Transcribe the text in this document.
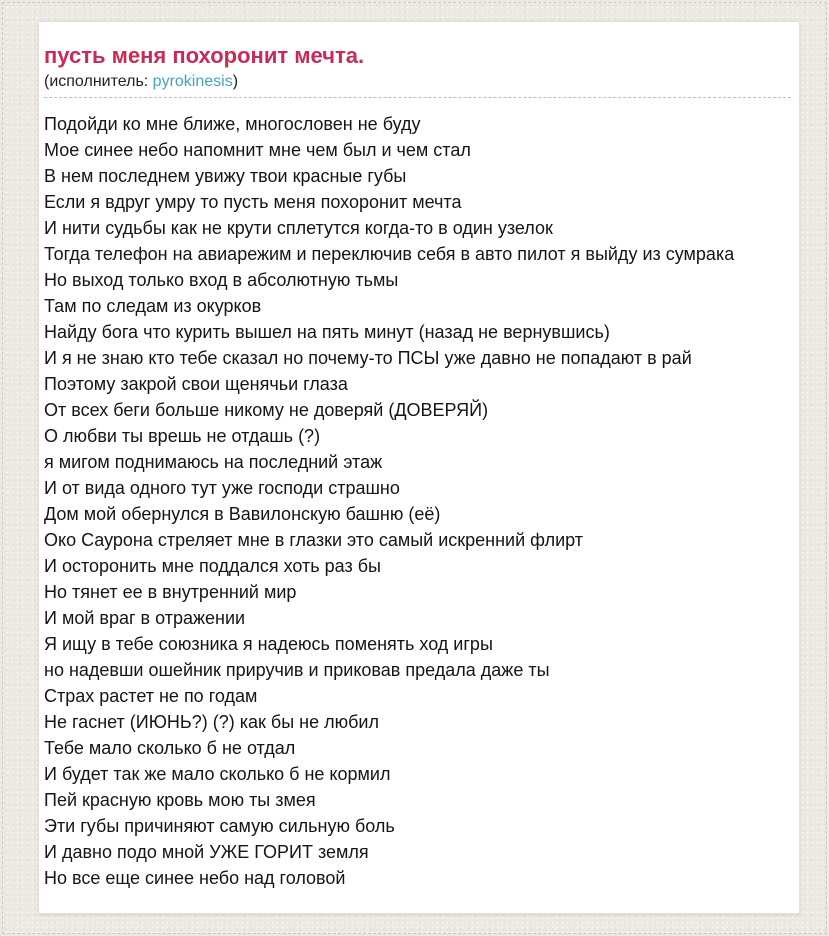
пусть меня похоронит мечта.
(исполнитель: pyrokinesis)
Подойди ко мне ближе, многословен не буду
Мое синее небо напомнит мне чем был и чем стал
В нем последнем увижу твои красные губы
Если я вдруг умру то пусть меня похоронит мечта
И нити судьбы как не крути сплетутся когда-то в один узелок
Тогда телефон на авиарежим и переключив себя в авто пилот я выйду из сумрака
Но выход только вход в абсолютную тьмы
Там по следам из окурков
Найду бога что курить вышел на пять минут (назад не вернувшись)
И я не знаю кто тебе сказал но почему-то ПСЫ уже давно не попадают в рай
Поэтому закрой свои щенячьи глаза
От всех беги больше никому не доверяй (ДОВЕРЯЙ)
О любви ты врешь не отдашь (?)
я мигом поднимаюсь на последний этаж
И от вида одного тут уже господи страшно
Дом мой обернулся в Вавилонскую башню (её)
Око Саурона стреляет мне в глазки это самый искренний флирт
И осторонить мне поддался хоть раз бы
Но тянет ее в внутренний мир
И мой враг в отражении
Я ищу в тебе союзника я надеюсь поменять ход игры
но надевши ошейник приручив и приковав предала даже ты
Страх растет не по годам
Не гаснет (ИЮНЬ?) (?) как бы не любил
Тебе мало сколько б не отдал
И будет так же мало сколько б не кормил
Пей красную кровь мою ты змея
Эти губы причиняют самую сильную боль
И давно подо мной УЖЕ ГОРИТ земля
Но все еще синее небо над головой
